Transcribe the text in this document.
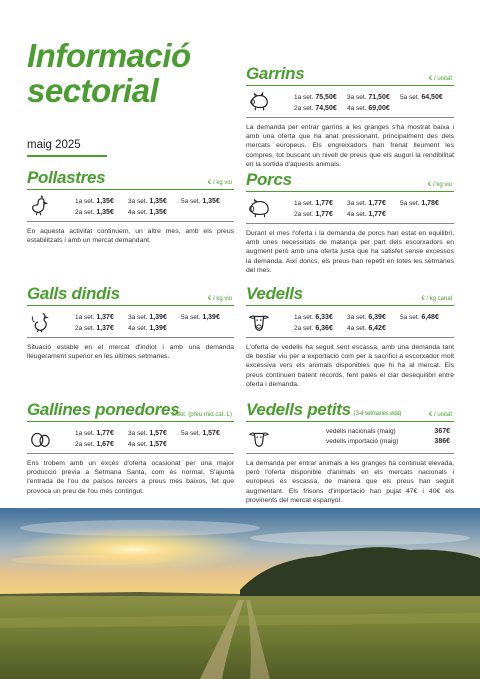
Informació
sectorial
maig 2025
Pollastres	€ / kg viu
1a set. 1,35€	3a set. 1,35€	5a set. 1,35€
2a set. 1,35€	4a set. 1,35€

En aquesta activitat continuem, un altre mes, amb els preus estabilitzats i amb un mercat demandant.

Galls dindis	€ / kg viu
1a set. 1,37€	3a set. 1,39€	5a set. 1,39€
2a set. 1,37€	4a set. 1,39€

Situació estable en el mercat d'indiot i amb una demanda lleugerament superior en les últimes setmanes.

Gallines ponedores
€/dot. (preu mid cat. L)
1a set. 1,77€	3a set. 1,57€	5a set. 1,57€
2a set. 1,67€	4a set. 1,57€

Ens trobem amb un excés d'oferta ocasionat per una major producció prèvia a Setmana Santa, com és normal. S'ajunta l'entrada de l'ou de països tercers a preus més baixos, fet que provoca un preu de l'ou més contingut.

Garrins	€ / unitat
1a set. 75,50€	3a set. 71,50€	5a set. 64,50€
2a set. 74,50€	4a set. 69,00€

La demanda per entrar garrins a les granges s'ha mostrat baixa i amb una oferta que ha anat pressionant, principalment des dels mercats europeus. Els engreixadors han frenat lleument les compres, tot buscant un nivell de preus que els auguri la rendibilitat en la sortida d'aquests animals.

Porcs	€ / kg viu
1a set. 1,77€	3a set. 1,77€	5a set. 1,78€
2a set. 1,77€	4a set. 1,77€

Durant el mes l'oferta i la demanda de porcs han estat en equilibri, amb unes necessitats de matança per part dels escorxadors en augment però amb una oferta justa que ha satisfet sense excessos la demanda. Així doncs, els preus han repetit en totes les setmanes del mes.

Vedells	€ / kg canal
1a set. 6,33€	3a set. 6,39€	5a set. 6,48€
2a set. 6,36€	4a set. 6,42€

L'oferta de vedells ha seguit sent escassa, amb una demanda tant de bestiar viu per a exportació com per a sacrifici a escorxador molt excessiva vers els animals disponibles que hi ha al mercat. Els preus continuen batent rècords, fent palès el clar desequilibri entre oferta i demanda.

Vedells petits (3-4 setmanes vida)	€ / unitat
vedells nacionals (maig)	367€
vedells importació (maig)	386€

La demanda per entrar animals a les granges ha continuat elevada, però l'oferta disponible d'animals en els mercats nacionals i europeus és escassa, de manera que els preus han seguit augmentant. Els frisons d'importació han pujat 47€ i 40€ els provinents del mercat espanyol.
